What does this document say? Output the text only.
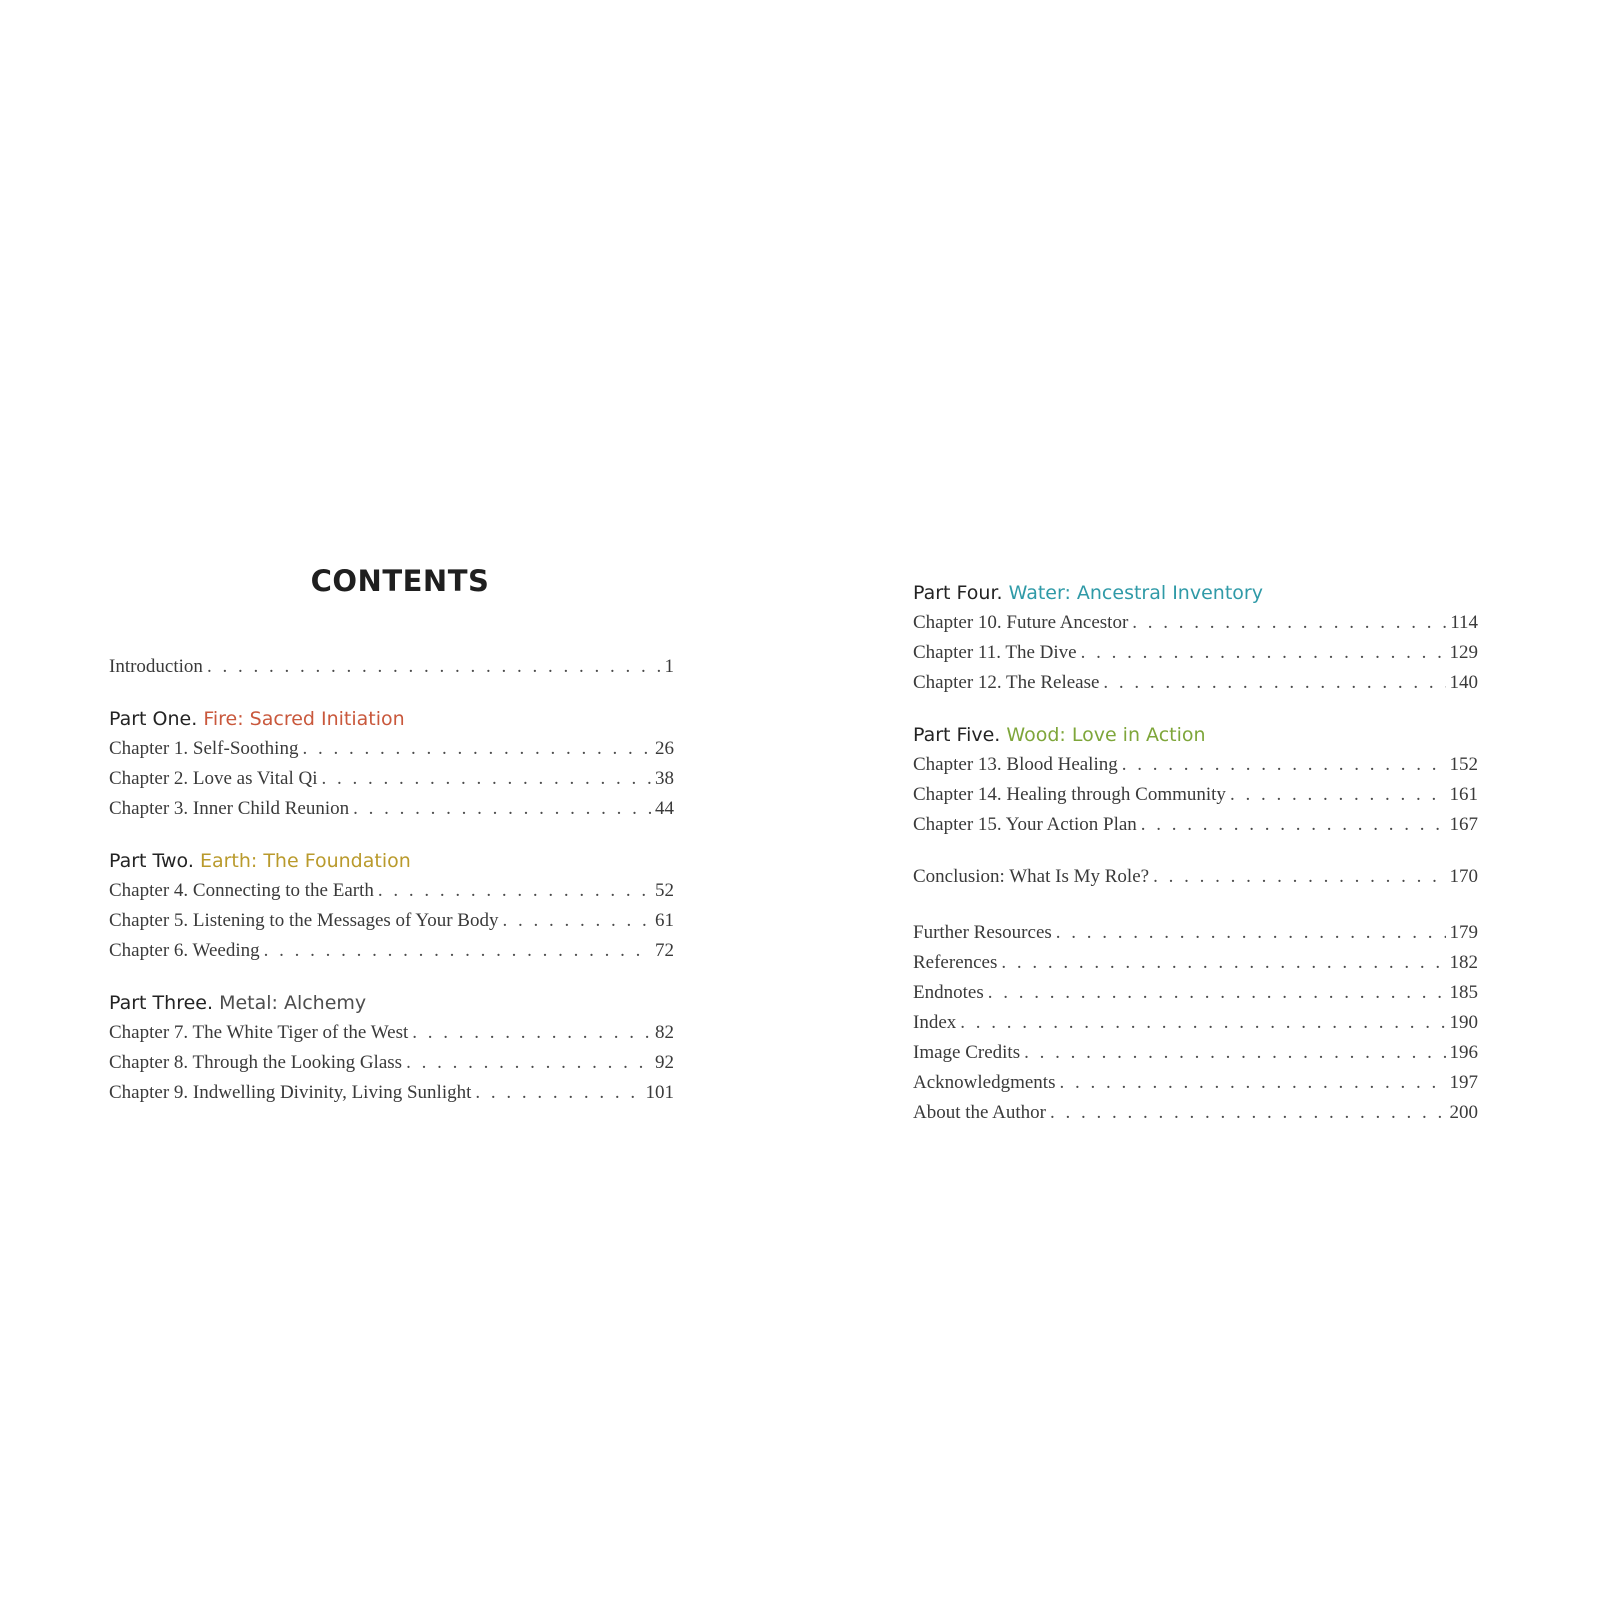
CONTENTS
Introduction . . .	1
Part One. Fire: Sacred Initiation
Chapter 1. Self-Soothing . . .	26
Chapter 2. Love as Vital Qi . . .	38
Chapter 3. Inner Child Reunion . . .	44
Part Two. Earth: The Foundation
Chapter 4. Connecting to the Earth . . .	52
Chapter 5. Listening to the Messages of Your Body . . .	61
Chapter 6. Weeding . . .	72
Part Three. Metal: Alchemy
Chapter 7. The White Tiger of the West . . .	82
Chapter 8. Through the Looking Glass . . .	92
Chapter 9. Indwelling Divinity, Living Sunlight . . .	101
Part Four. Water: Ancestral Inventory
Chapter 10. Future Ancestor . . .	114
Chapter 11. The Dive . . .	129
Chapter 12. The Release . . .	140
Part Five. Wood: Love in Action
Chapter 13. Blood Healing . . .	152
Chapter 14. Healing through Community . . .	161
Chapter 15. Your Action Plan . . .	167
Conclusion: What Is My Role? . . .	170
Further Resources . . .	179
References . . .	182
Endnotes . . .	185
Index . . .	190
Image Credits . . .	196
Acknowledgments . . .	197
About the Author . . .	200
